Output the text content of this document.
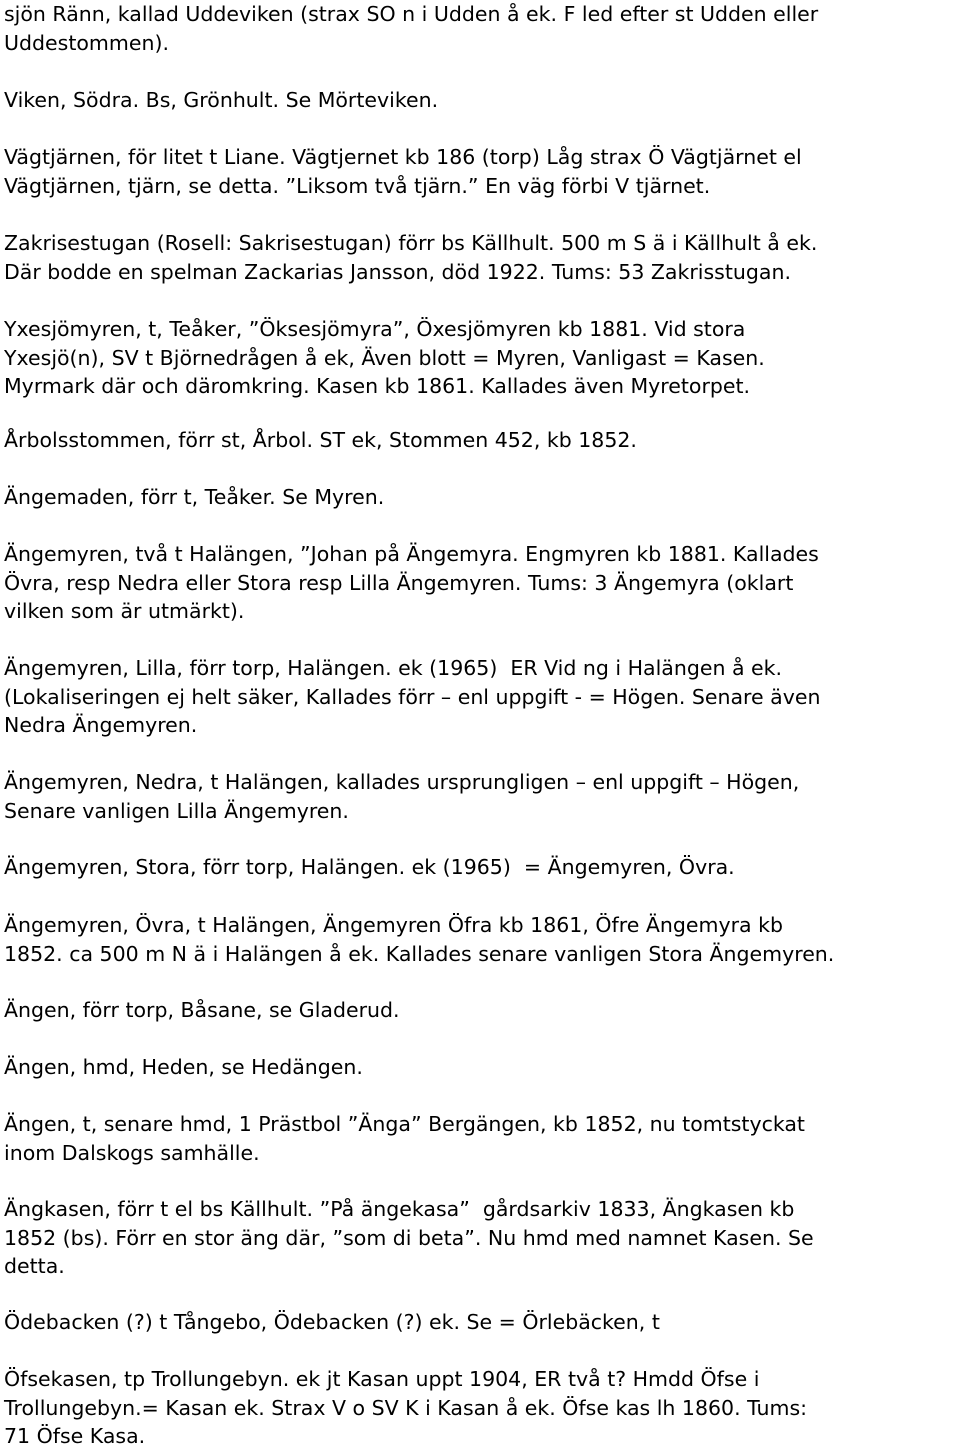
sjön Ränn, kallad Uddeviken (strax SO n i Udden å ek. F led efter st Udden eller
Uddestommen).
Viken, Södra. Bs, Grönhult. Se Mörteviken.
Vägtjärnen, för litet t Liane. Vägtjernet kb 186 (torp) Låg strax Ö Vägtjärnet el
Vägtjärnen, tjärn, se detta. ”Liksom två tjärn.” En väg förbi V tjärnet.
Zakrisestugan (Rosell: Sakrisestugan) förr bs Källhult. 500 m S ä i Källhult å ek.
Där bodde en spelman Zackarias Jansson, död 1922. Tums: 53 Zakrisstugan.
Yxesjömyren, t, Teåker, ”Öksesjömyra”, Öxesjömyren kb 1881. Vid stora
Yxesjö(n), SV t Björnedrågen å ek, Även blott = Myren, Vanligast = Kasen.
Myrmark där och däromkring. Kasen kb 1861. Kallades även Myretorpet.
Årbolsstommen, förr st, Årbol. ST ek, Stommen 452, kb 1852.
Ängemaden, förr t, Teåker. Se Myren.
Ängemyren, två t Halängen, ”Johan på Ängemyra. Engmyren kb 1881. Kallades
Övra, resp Nedra eller Stora resp Lilla Ängemyren. Tums: 3 Ängemyra (oklart
vilken som är utmärkt).
Ängemyren, Lilla, förr torp, Halängen. ek (1965)  ER Vid ng i Halängen å ek.
(Lokaliseringen ej helt säker, Kallades förr – enl uppgift - = Högen. Senare även
Nedra Ängemyren.
Ängemyren, Nedra, t Halängen, kallades ursprungligen – enl uppgift – Högen,
Senare vanligen Lilla Ängemyren.
Ängemyren, Stora, förr torp, Halängen. ek (1965)  = Ängemyren, Övra.
Ängemyren, Övra, t Halängen, Ängemyren Öfra kb 1861, Öfre Ängemyra kb
1852. ca 500 m N ä i Halängen å ek. Kallades senare vanligen Stora Ängemyren.
Ängen, förr torp, Båsane, se Gladerud.
Ängen, hmd, Heden, se Hedängen.
Ängen, t, senare hmd, 1 Prästbol ”Änga” Bergängen, kb 1852, nu tomtstyckat
inom Dalskogs samhälle.
Ängkasen, förr t el bs Källhult. ”På ängekasa”  gårdsarkiv 1833, Ängkasen kb
1852 (bs). Förr en stor äng där, ”som di beta”. Nu hmd med namnet Kasen. Se
detta.
Ödebacken (?) t Tångebo, Ödebacken (?) ek. Se = Örlebäcken, t
Öfsekasen, tp Trollungebyn. ek jt Kasan uppt 1904, ER två t? Hmdd Öfse i
Trollungebyn.= Kasan ek. Strax V o SV K i Kasan å ek. Öfse kas lh 1860. Tums:
71 Öfse Kasa.
